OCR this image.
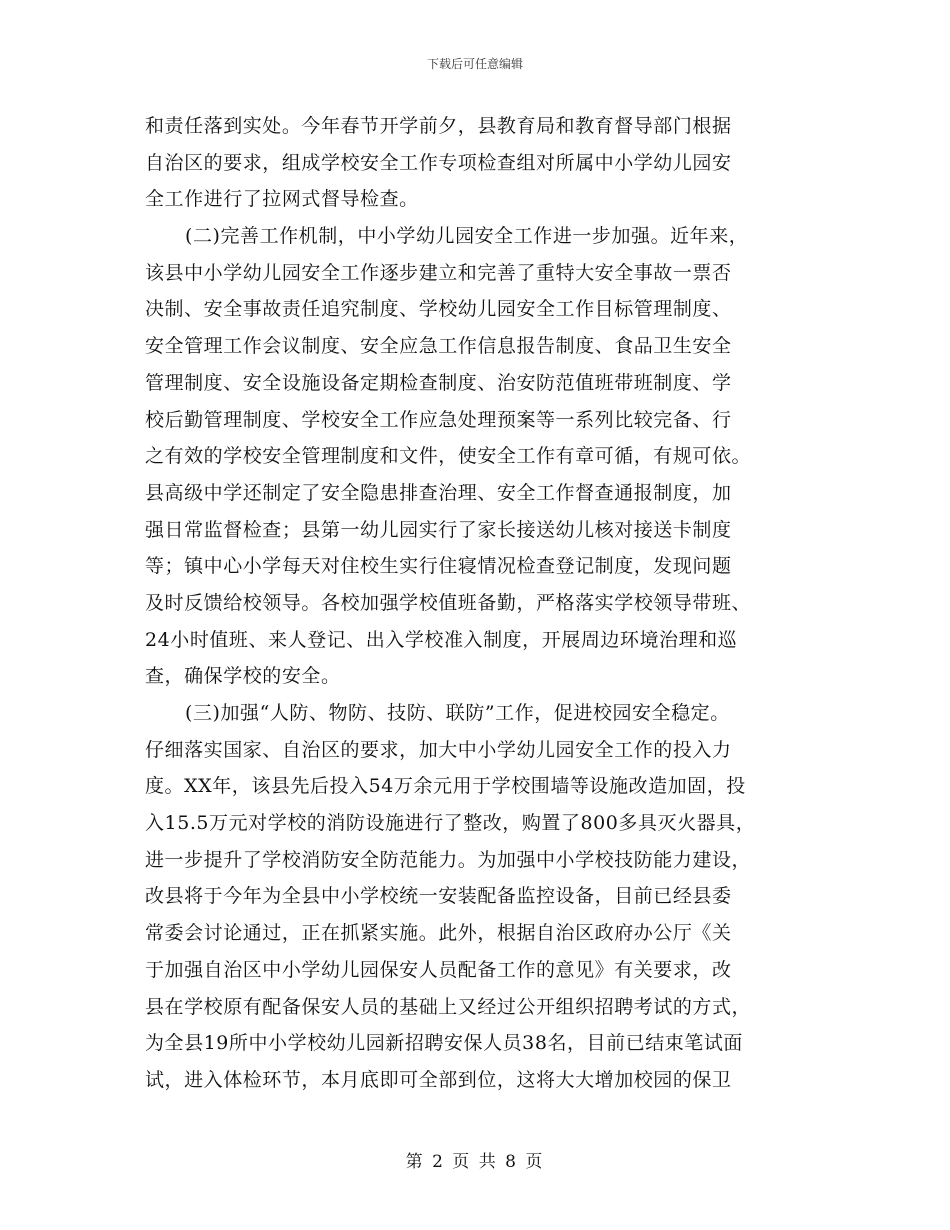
下载后可任意编辑
和责任落到实处。今年春节开学前夕，县教育局和教育督导部门根据
自治区的要求，组成学校安全工作专项检查组对所属中小学幼儿园安
全工作进行了拉网式督导检查。
(二)完善工作机制，中小学幼儿园安全工作进一步加强。近年来，
该县中小学幼儿园安全工作逐步建立和完善了重特大安全事故一票否
决制、安全事故责任追究制度、学校幼儿园安全工作目标管理制度、
安全管理工作会议制度、安全应急工作信息报告制度、食品卫生安全
管理制度、安全设施设备定期检查制度、治安防范值班带班制度、学
校后勤管理制度、学校安全工作应急处理预案等一系列比较完备、行
之有效的学校安全管理制度和文件，使安全工作有章可循，有规可依。
县高级中学还制定了安全隐患排查治理、安全工作督查通报制度，加
强日常监督检查；县第一幼儿园实行了家长接送幼儿核对接送卡制度
等；镇中心小学每天对住校生实行住寝情况检查登记制度，发现问题
及时反馈给校领导。各校加强学校值班备勤，严格落实学校领导带班、
24小时值班、来人登记、出入学校准入制度，开展周边环境治理和巡
查，确保学校的安全。
(三)加强“人防、物防、技防、联防”工作，促进校园安全稳定。
仔细落实国家、自治区的要求，加大中小学幼儿园安全工作的投入力
度。XX年，该县先后投入54万余元用于学校围墙等设施改造加固，投
入15.5万元对学校的消防设施进行了整改，购置了800多具灭火器具，
进一步提升了学校消防安全防范能力。为加强中小学校技防能力建设，
改县将于今年为全县中小学校统一安装配备监控设备，目前已经县委
常委会讨论通过，正在抓紧实施。此外，根据自治区政府办公厅《关
于加强自治区中小学幼儿园保安人员配备工作的意见》有关要求，改
县在学校原有配备保安人员的基础上又经过公开组织招聘考试的方式，
为全县19所中小学校幼儿园新招聘安保人员38名，目前已结束笔试面
试，进入体检环节，本月底即可全部到位，这将大大增加校园的保卫
第 2 页 共 8 页
